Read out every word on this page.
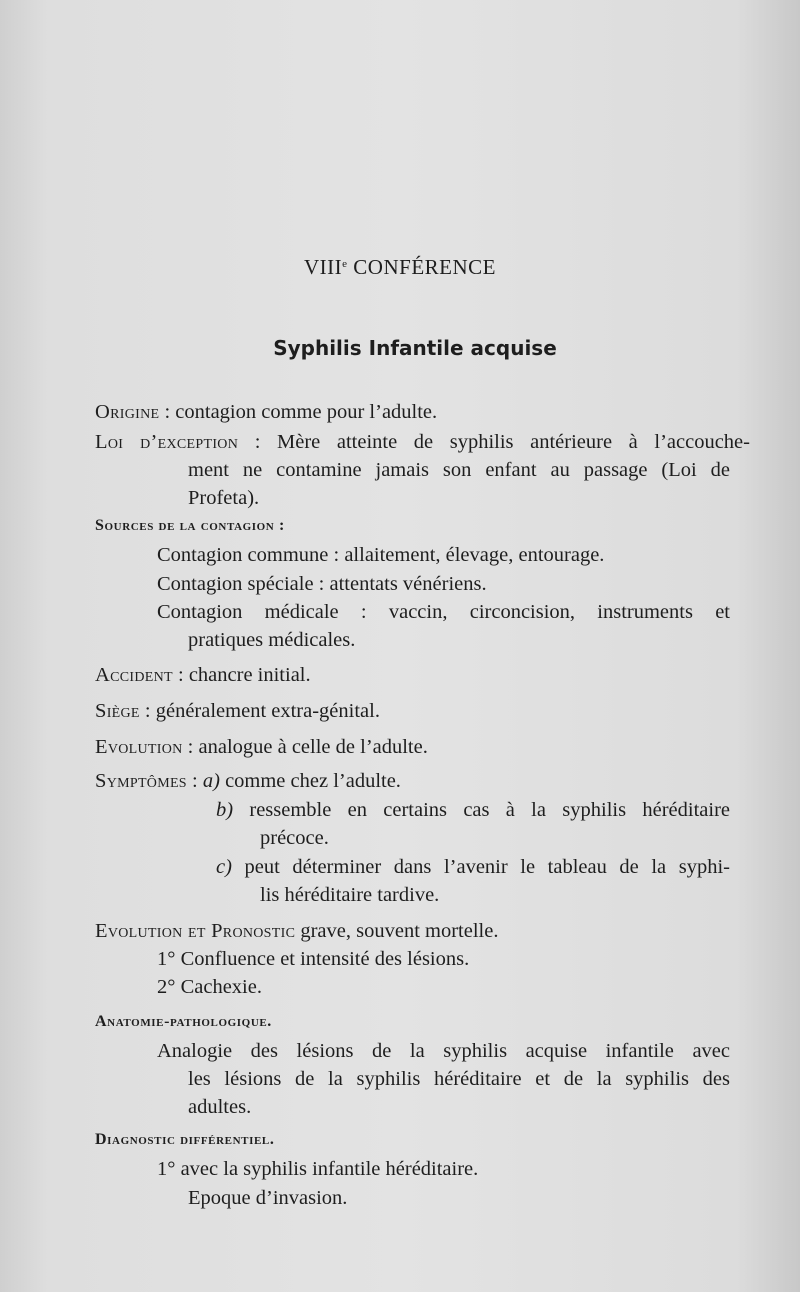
VIIIe CONFÉRENCE
Syphilis Infantile acquise
Origine : contagion comme pour l’adulte.
Loi d’exception : Mère atteinte de syphilis antérieure à l’accouche-
ment ne contamine jamais son enfant au passage (Loi de
Profeta).
Sources de la contagion :
Contagion commune : allaitement, élevage, entourage.
Contagion spéciale : attentats vénériens.
Contagion médicale : vaccin, circoncision, instruments et
pratiques médicales.
Accident : chancre initial.
Siège : généralement extra-génital.
Evolution : analogue à celle de l’adulte.
Symptômes : a) comme chez l’adulte.
b) ressemble en certains cas à la syphilis héréditaire
précoce.
c) peut déterminer dans l’avenir le tableau de la syphi-
lis héréditaire tardive.
Evolution et Pronostic grave, souvent mortelle.
1° Confluence et intensité des lésions.
2° Cachexie.
Anatomie-pathologique.
Analogie des lésions de la syphilis acquise infantile avec
les lésions de la syphilis héréditaire et de la syphilis des
adultes.
Diagnostic différentiel.
1° avec la syphilis infantile héréditaire.
Epoque d’invasion.
